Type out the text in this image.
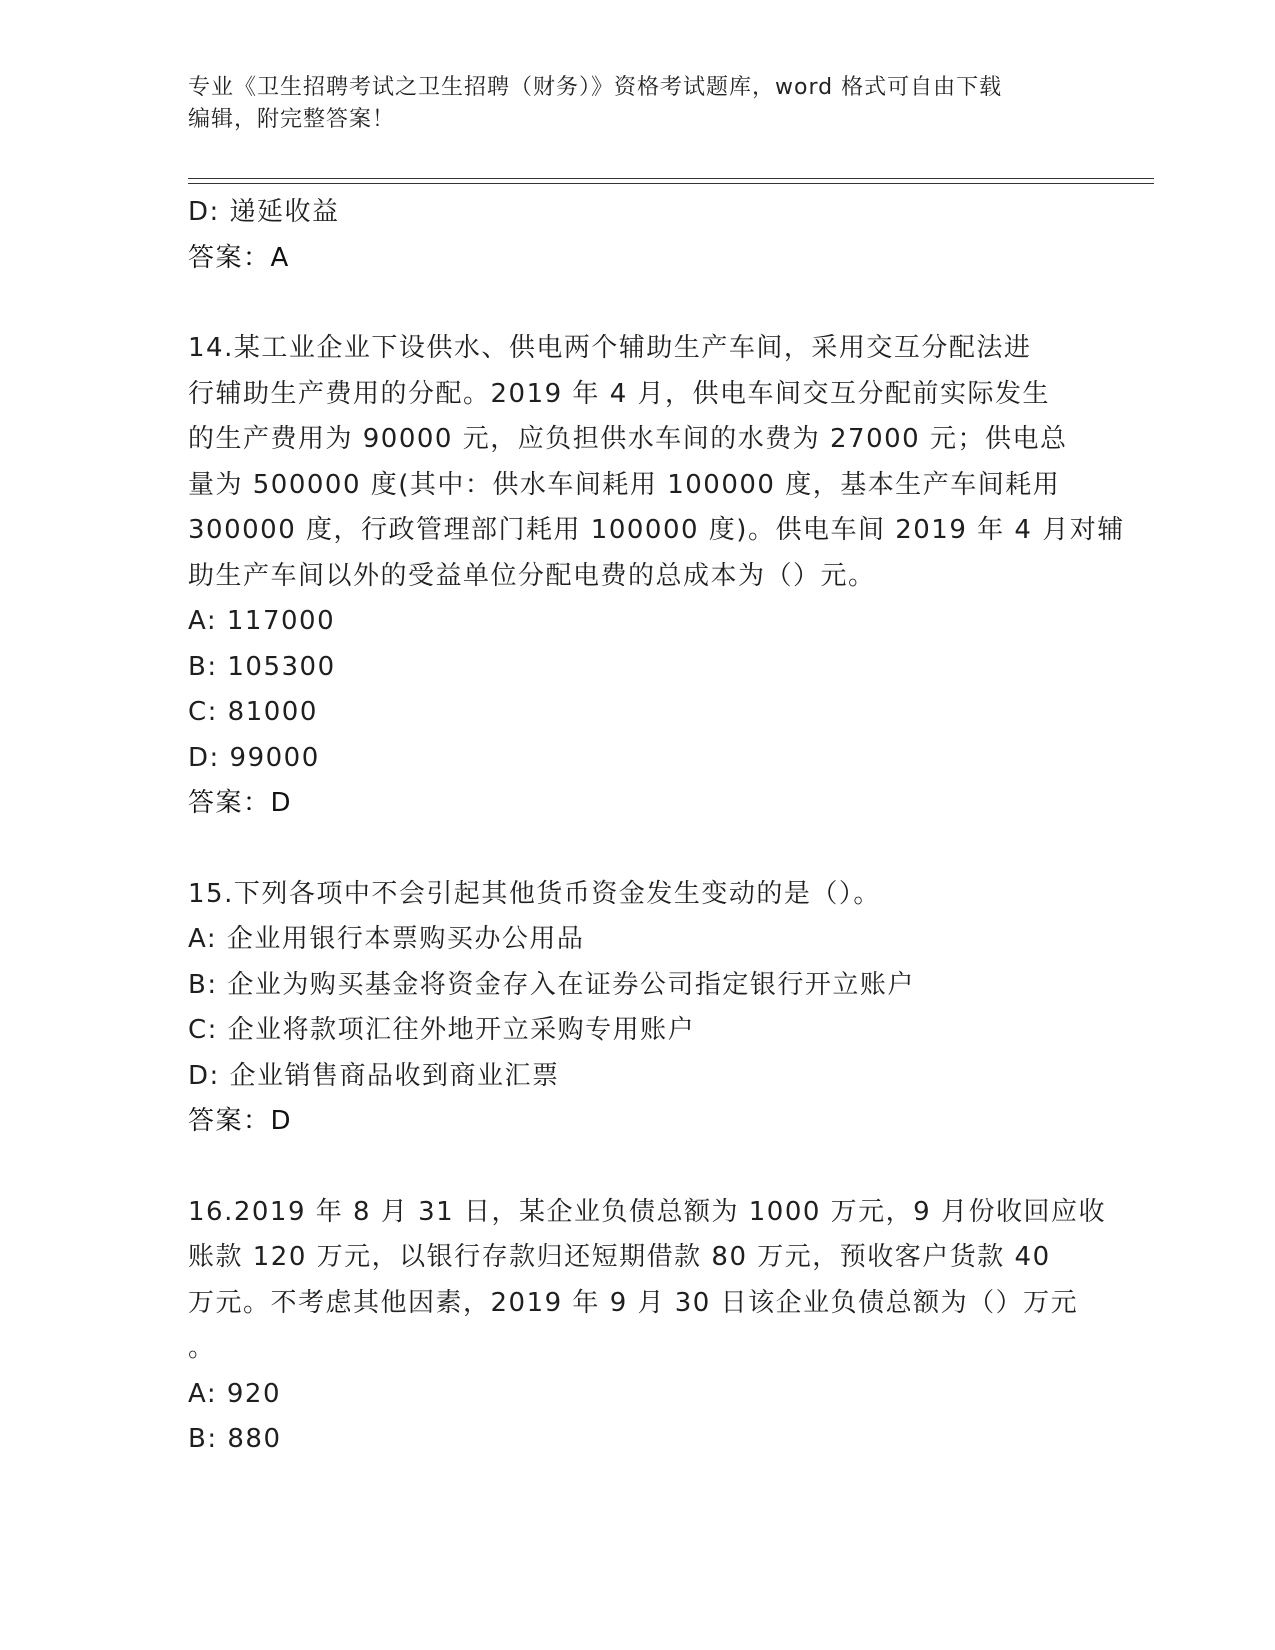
专业《卫生招聘考试之卫生招聘（财务）》资格考试题库，word 格式可自由下载
编辑，附完整答案！
D: 递延收益
答案：A
14.某工业企业下设供水、供电两个辅助生产车间，采用交互分配法进
行辅助生产费用的分配。2019 年 4 月，供电车间交互分配前实际发生
的生产费用为 90000 元，应负担供水车间的水费为 27000 元；供电总
量为 500000 度(其中：供水车间耗用 100000 度，基本生产车间耗用
300000 度，行政管理部门耗用 100000 度)。供电车间 2019 年 4 月对辅
助生产车间以外的受益单位分配电费的总成本为（）元。
A: 117000
B: 105300
C: 81000
D: 99000
答案：D
15.下列各项中不会引起其他货币资金发生变动的是（）。
A: 企业用银行本票购买办公用品
B: 企业为购买基金将资金存入在证券公司指定银行开立账户
C: 企业将款项汇往外地开立采购专用账户
D: 企业销售商品收到商业汇票
答案：D
16.2019 年 8 月 31 日，某企业负债总额为 1000 万元，9 月份收回应收
账款 120 万元，以银行存款归还短期借款 80 万元，预收客户货款 40
万元。不考虑其他因素，2019 年 9 月 30 日该企业负债总额为（）万元
。
A: 920
B: 880
